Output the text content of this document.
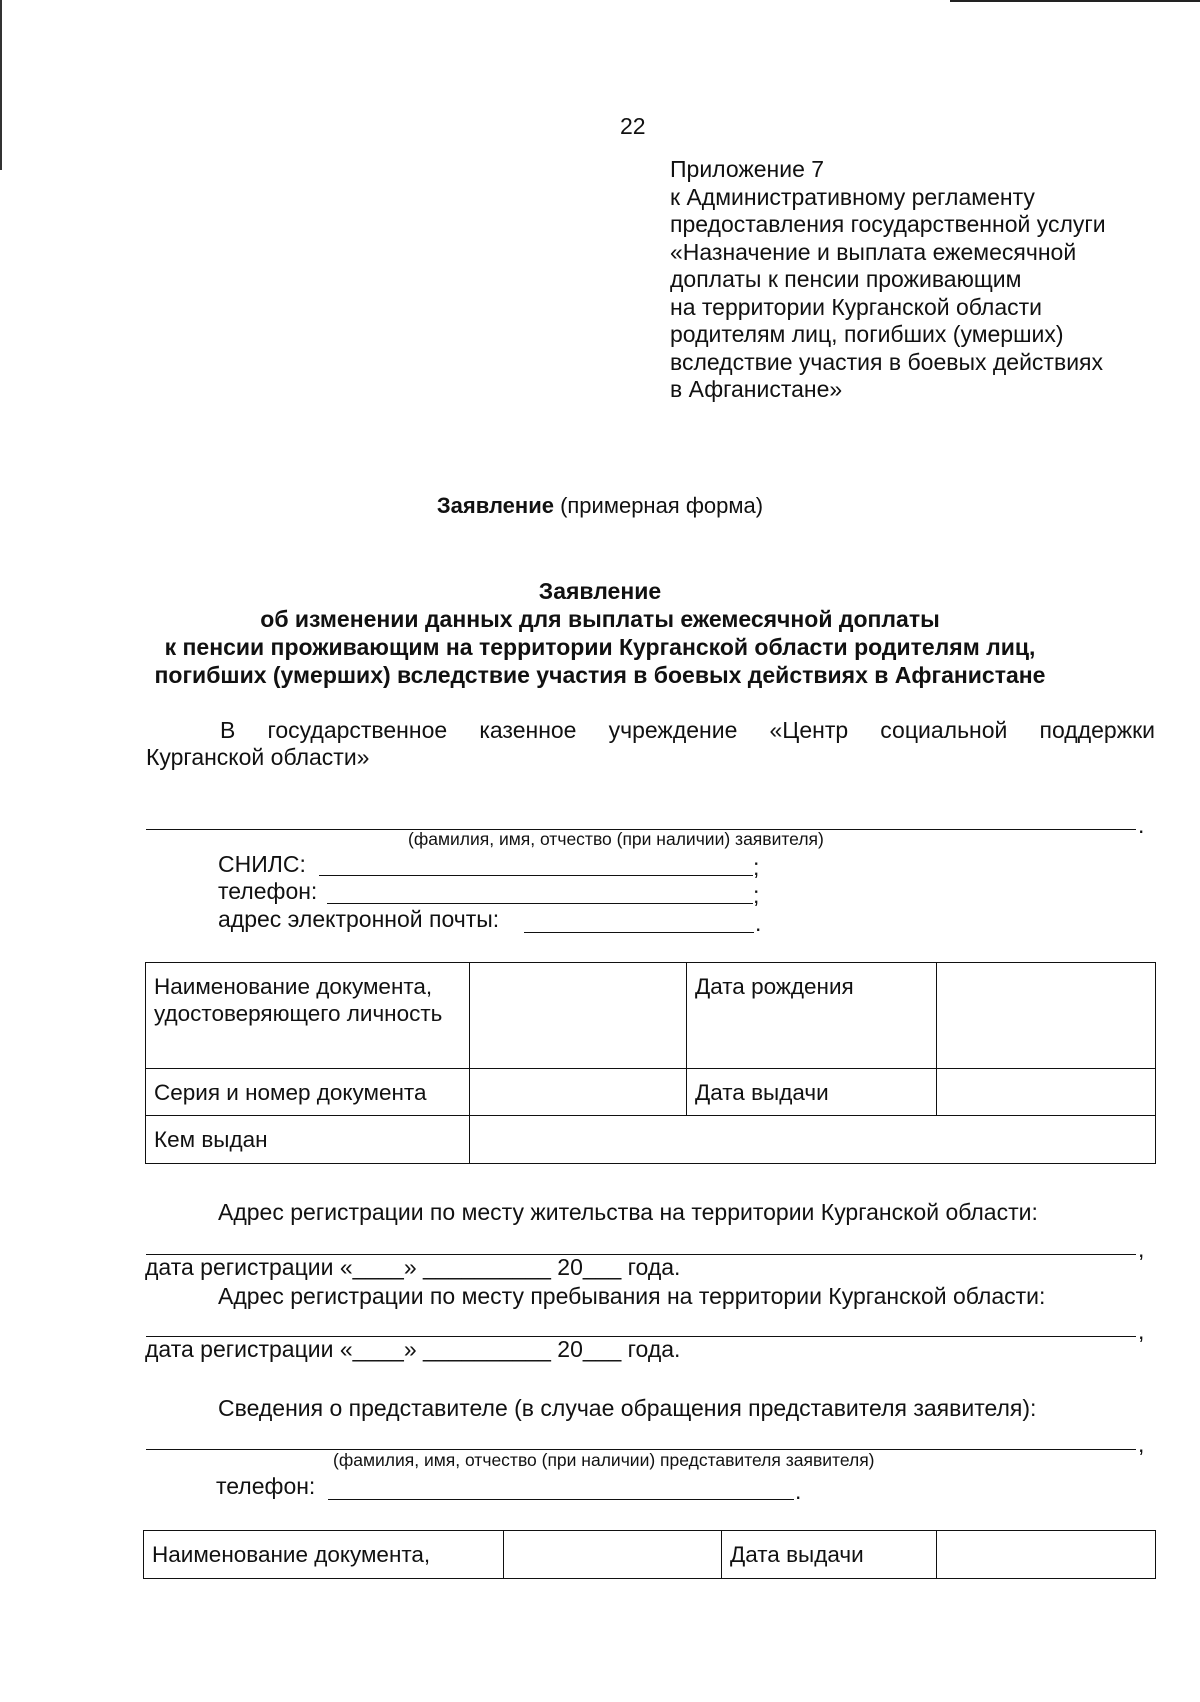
22
Приложение 7
к Административному регламенту
предоставления государственной услуги
«Назначение и выплата ежемесячной
доплаты к пенсии проживающим
на территории Курганской области
родителям лиц, погибших (умерших)
вследствие участия в боевых действиях
в Афганистане»
Заявление (примерная форма)
Заявление
об изменении данных для выплаты ежемесячной доплаты
к пенсии проживающим на территории Курганской области родителям лиц,
погибших (умерших) вследствие участия в боевых действиях в Афганистане
В государственное казенное учреждение «Центр социальной поддержки
Курганской области»
.
(фамилия, имя, отчество (при наличии) заявителя)
СНИЛС:	;
телефон:	;
адрес электронной почты:	.
Наименование документа, удостоверяющего личность		Дата рождения	
Серия и номер документа		Дата выдачи	
Кем выдан			
Адрес регистрации по месту жительства на территории Курганской области:
,
дата регистрации «____» __________ 20___ года.
Адрес регистрации по месту пребывания на территории Курганской области:
,
дата регистрации «____» __________ 20___ года.
Сведения о представителе (в случае обращения представителя заявителя):
,
(фамилия, имя, отчество (при наличии) представителя заявителя)
телефон:	.
Наименование документа,		Дата выдачи	
